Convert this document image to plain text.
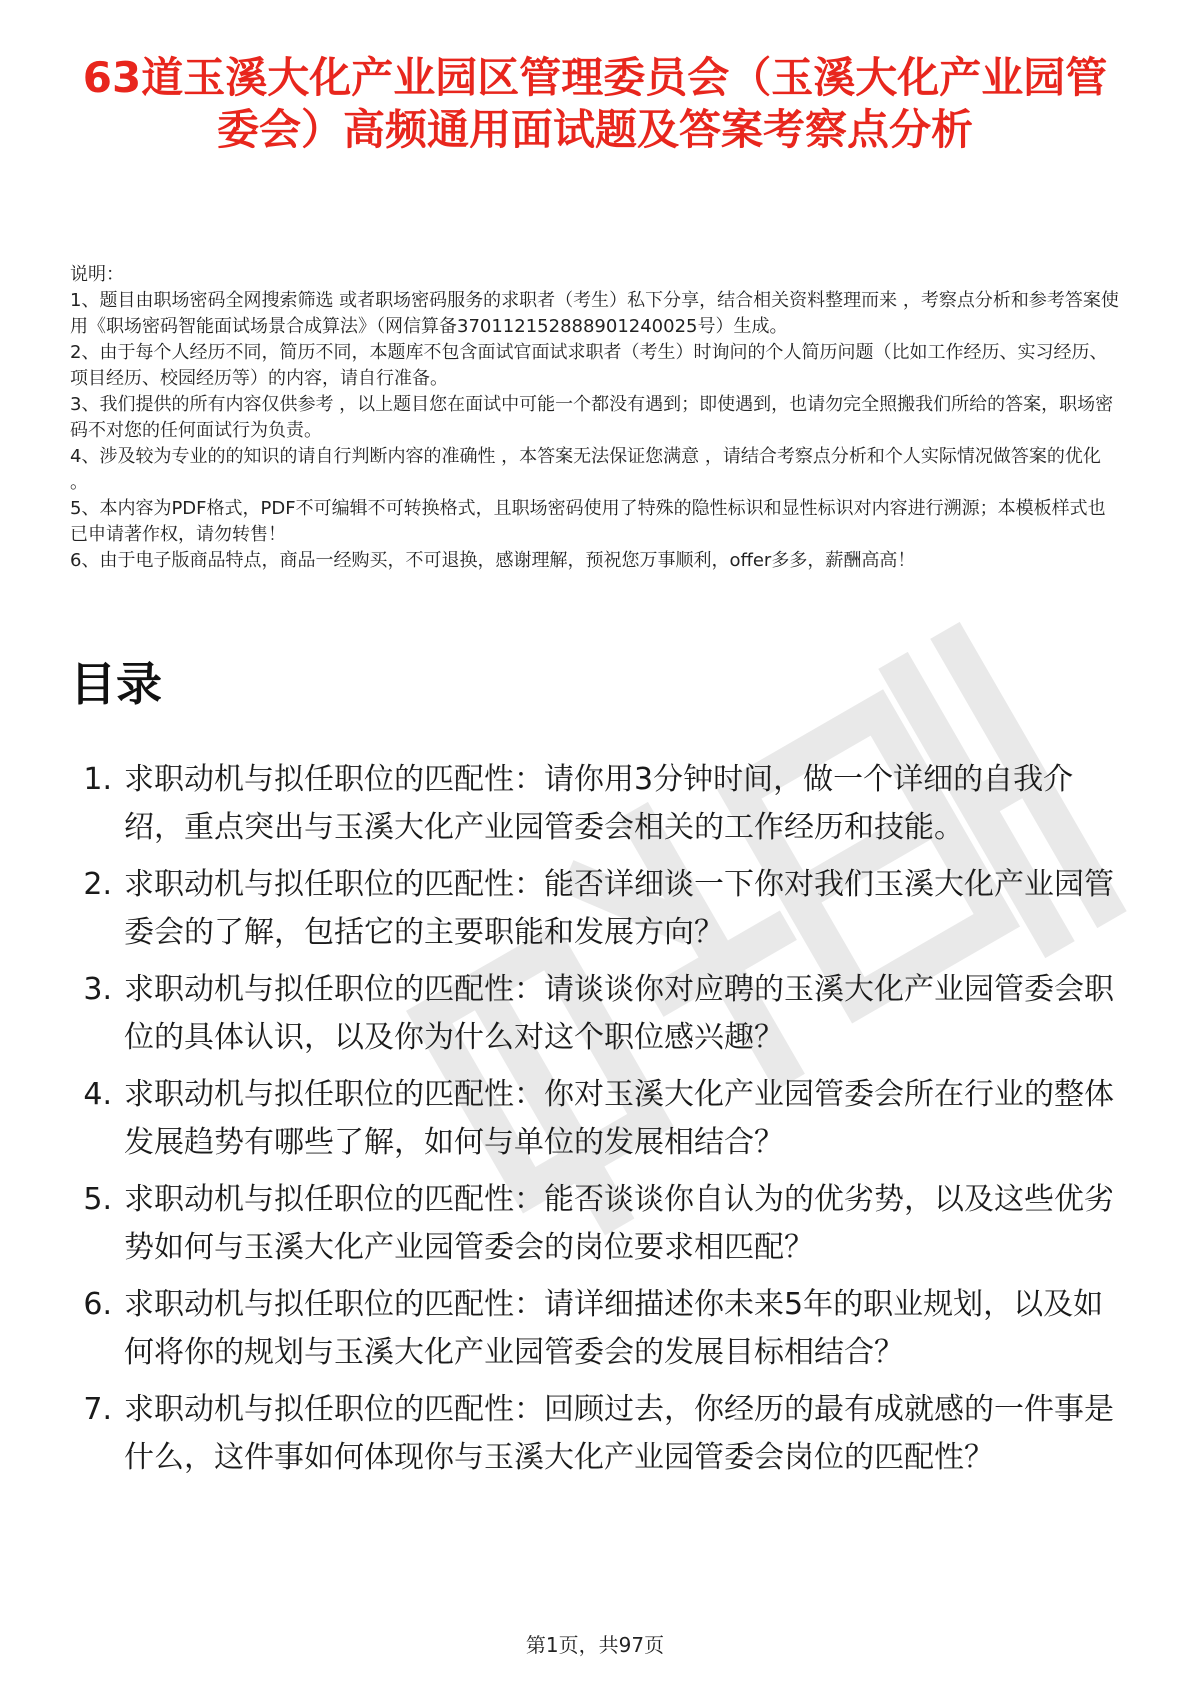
63道玉溪大化产业园区管理委员会（玉溪大化产业园管委会）高频通用面试题及答案考察点分析

说明：

1、题目由职场密码全网搜索筛选 或者职场密码服务的求职者（考生）私下分享，结合相关资料整理而来 ，考察点分析和参考答案使用《职场密码智能面试场景合成算法》（网信算备370112152888901240025号）生成。

2、由于每个人经历不同，简历不同，本题库不包含面试官面试求职者（考生）时询问的个人简历问题（比如工作经历、实习经历、项目经历、校园经历等）的内容，请自行准备。

3、我们提供的所有内容仅供参考 ，以上题目您在面试中可能一个都没有遇到；即使遇到，也请勿完全照搬我们所给的答案，职场密码不对您的任何面试行为负责。

4、涉及较为专业的的知识的请自行判断内容的准确性 ，本答案无法保证您满意 ，请结合考察点分析和个人实际情况做答案的优化 。

5、本内容为PDF格式，PDF不可编辑不可转换格式，且职场密码使用了特殊的隐性标识和显性标识对内容进行溯源；本模板样式也已申请著作权，请勿转售！

6、由于电子版商品特点，商品一经购买，不可退换，感谢理解，预祝您万事顺利，offer多多，薪酬高高！

目录
1. 求职动机与拟任职位的匹配性：请你用3分钟时间，做一个详细的自我介绍，重点突出与玉溪大化产业园管委会相关的工作经历和技能。
2. 求职动机与拟任职位的匹配性：能否详细谈一下你对我们玉溪大化产业园管委会的了解，包括它的主要职能和发展方向？
3. 求职动机与拟任职位的匹配性：请谈谈你对应聘的玉溪大化产业园管委会职位的具体认识，以及你为什么对这个职位感兴趣？
4. 求职动机与拟任职位的匹配性：你对玉溪大化产业园管委会所在行业的整体发展趋势有哪些了解，如何与单位的发展相结合？
5. 求职动机与拟任职位的匹配性：能否谈谈你自认为的优劣势，以及这些优劣势如何与玉溪大化产业园管委会的岗位要求相匹配？
6. 求职动机与拟任职位的匹配性：请详细描述你未来5年的职业规划，以及如何将你的规划与玉溪大化产业园管委会的发展目标相结合？
7. 求职动机与拟任职位的匹配性：回顾过去，你经历的最有成就感的一件事是什么，这件事如何体现你与玉溪大化产业园管委会岗位的匹配性？
第1页，共97页
